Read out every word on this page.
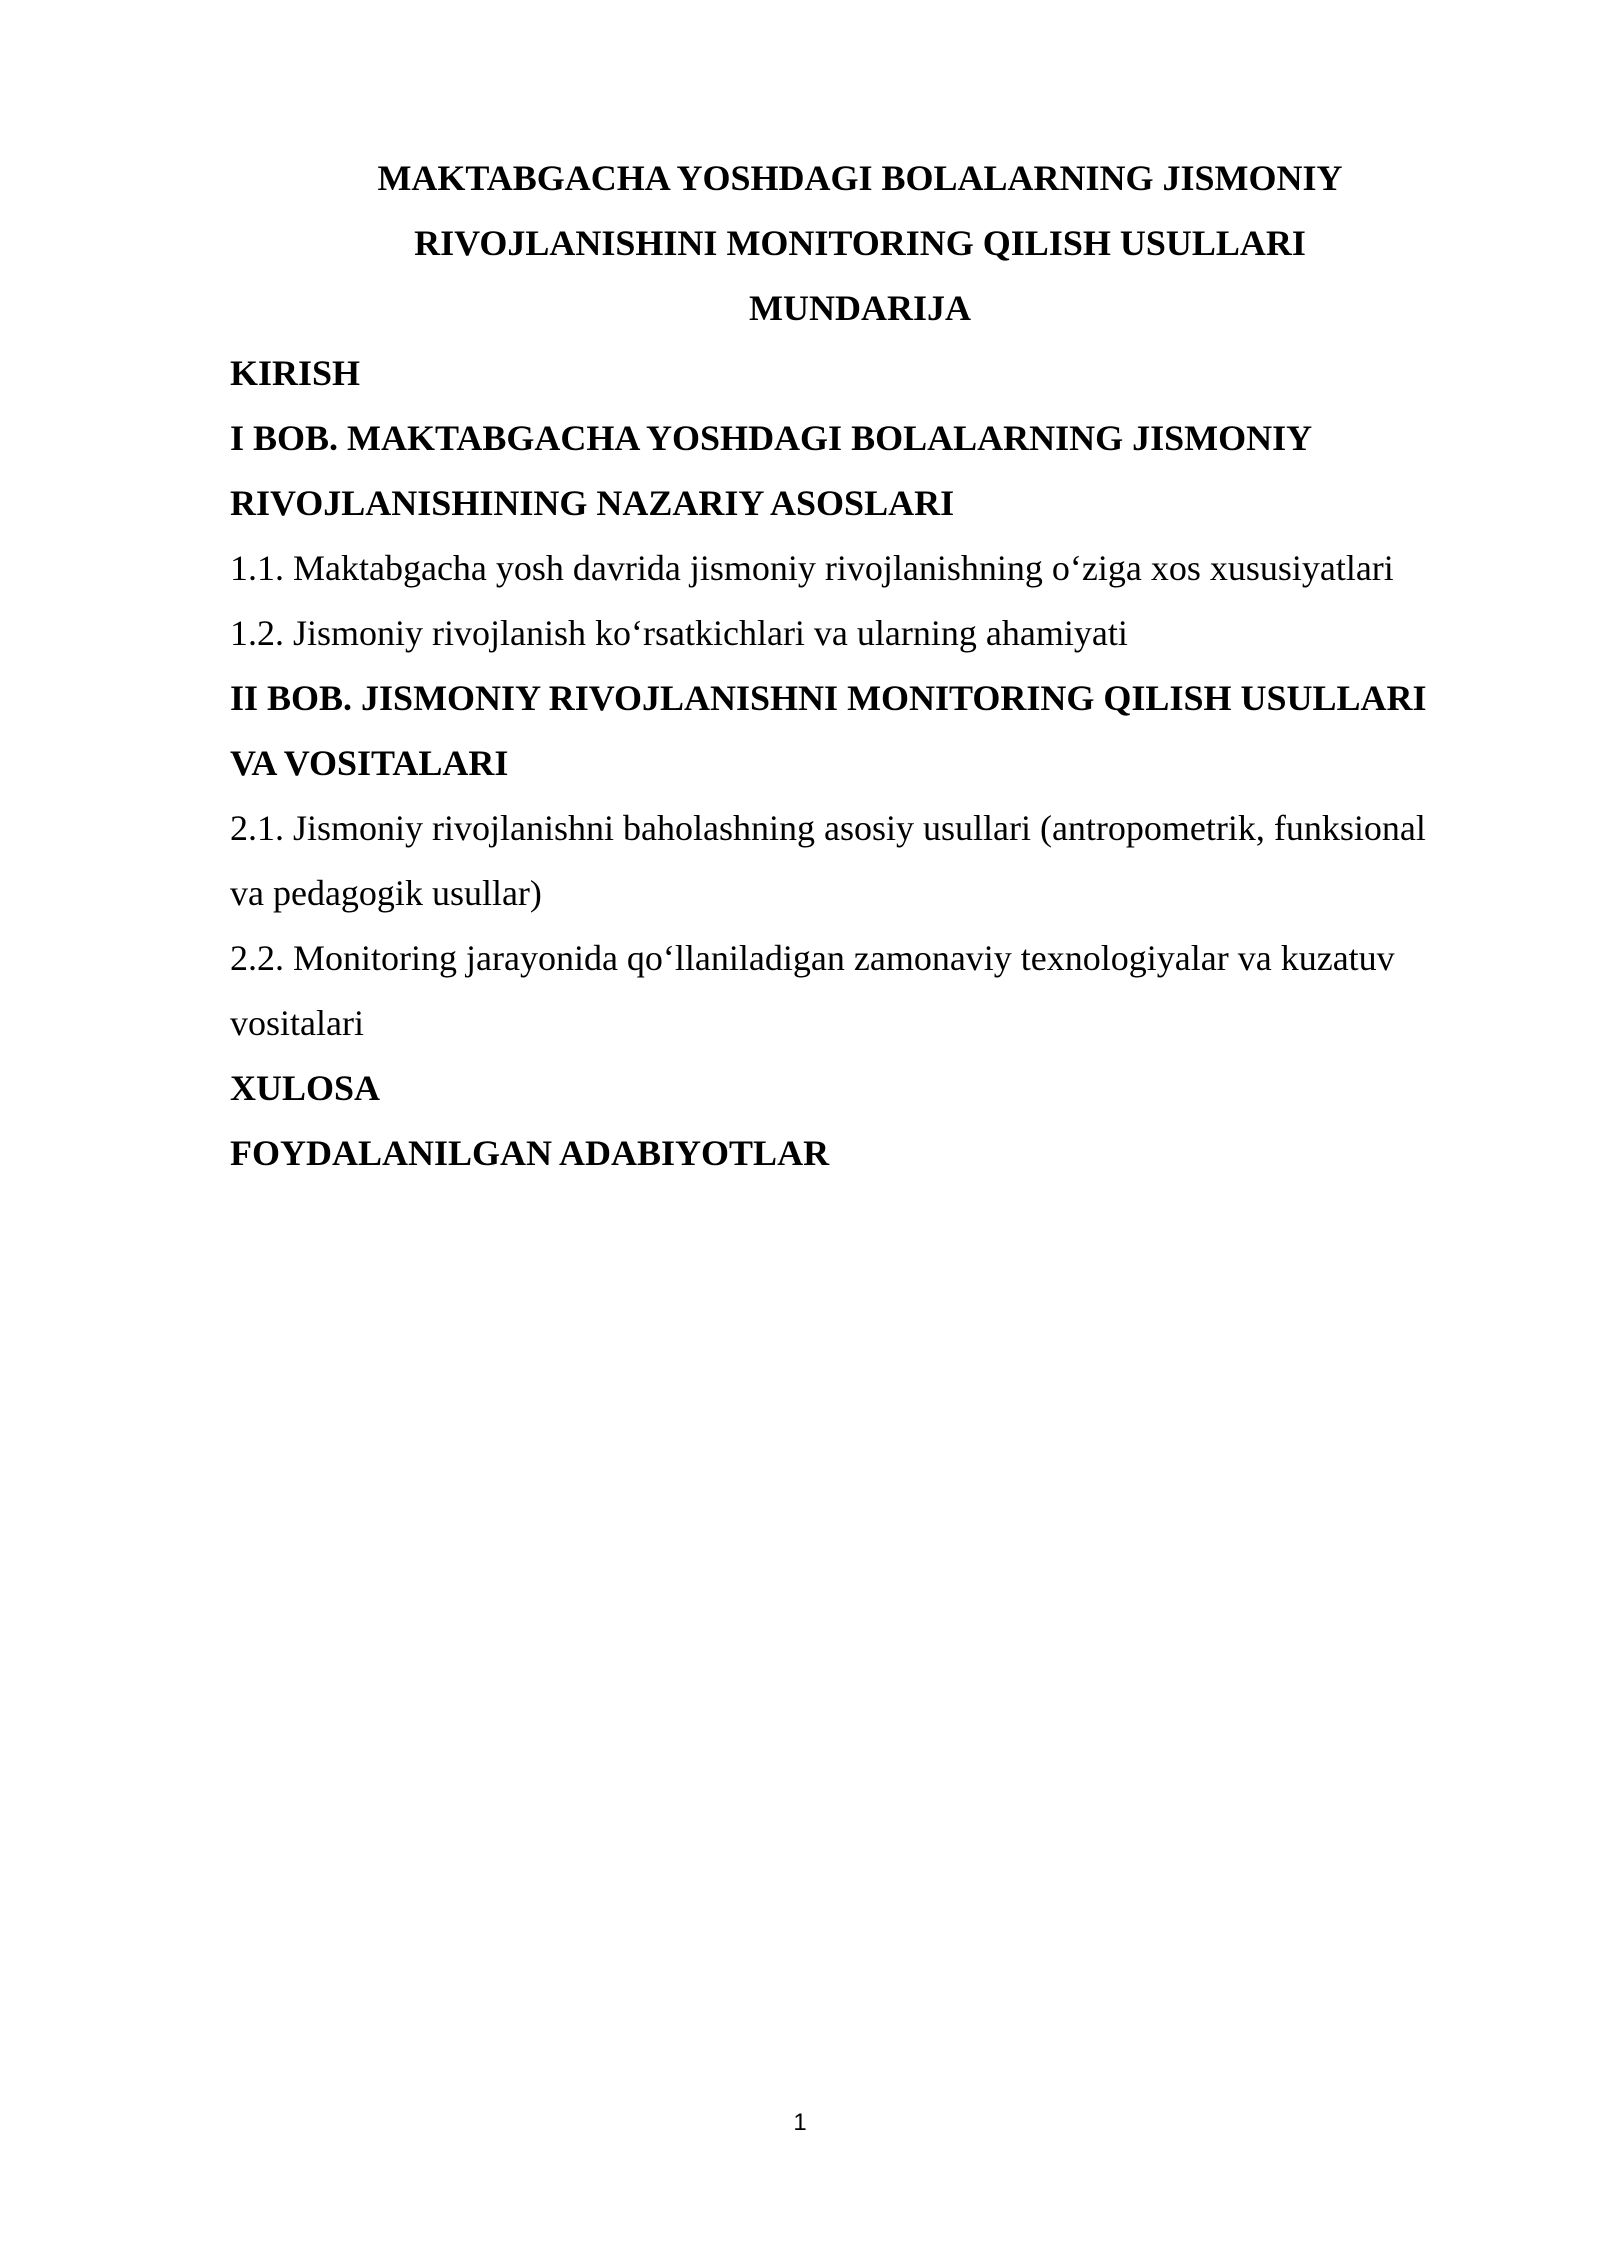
MAKTABGACHA YOSHDAGI BOLALARNING JISMONIY
RIVOJLANISHINI MONITORING QILISH USULLARI
MUNDARIJA
KIRISH
I BOB. MAKTABGACHA YOSHDAGI BOLALARNING JISMONIY
RIVOJLANISHINING NAZARIY ASOSLARI
1.1. Maktabgacha yosh davrida jismoniy rivojlanishning o‘ziga xos xususiyatlari
1.2. Jismoniy rivojlanish ko‘rsatkichlari va ularning ahamiyati
II BOB. JISMONIY RIVOJLANISHNI MONITORING QILISH USULLARI
VA VOSITALARI
2.1. Jismoniy rivojlanishni baholashning asosiy usullari (antropometrik, funksional
va pedagogik usullar)
2.2. Monitoring jarayonida qo‘llaniladigan zamonaviy texnologiyalar va kuzatuv
vositalari
XULOSA
FOYDALANILGAN ADABIYOTLAR
1
